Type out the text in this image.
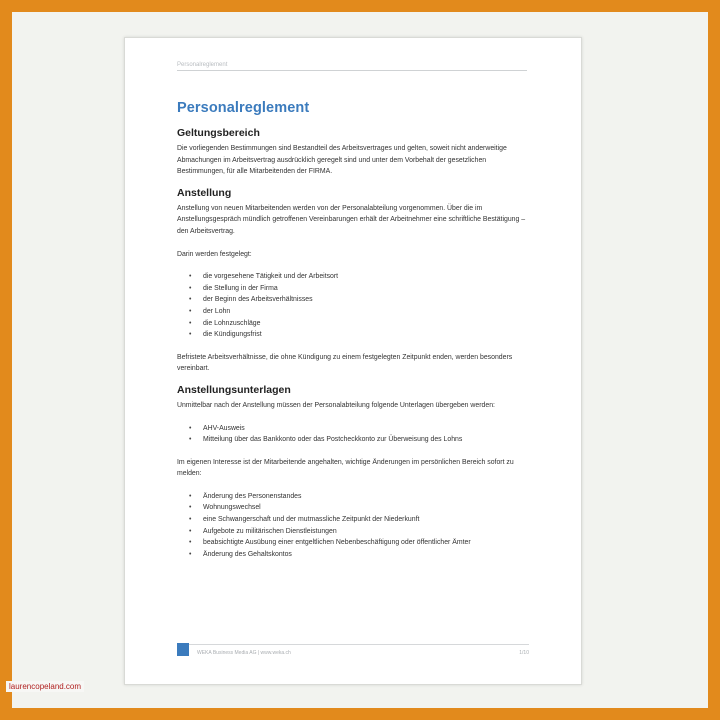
Personalreglement
Personalreglement
Geltungsbereich

Die vorliegenden Bestimmungen sind Bestandteil des Arbeitsvertrages und gelten, soweit nicht anderweitige Abmachungen im Arbeitsvertrag ausdrücklich geregelt sind und unter dem Vorbehalt der gesetzlichen Bestimmungen, für alle Mitarbeitenden der FIRMA.

Anstellung

Anstellung von neuen Mitarbeitenden werden von der Personalabteilung vorgenommen. Über die im Anstellungsgespräch mündlich getroffenen Vereinbarungen erhält der Arbeitnehmer eine schriftliche Bestätigung – den Arbeitsvertrag.

Darin werden festgelegt:

• die vorgesehene Tätigkeit und der Arbeitsort
• die Stellung in der Firma
• der Beginn des Arbeitsverhältnisses
• der Lohn
• die Lohnzuschläge
• die Kündigungsfrist

Befristete Arbeitsverhältnisse, die ohne Kündigung zu einem festgelegten Zeitpunkt enden, werden besonders vereinbart.

Anstellungsunterlagen

Unmittelbar nach der Anstellung müssen der Personalabteilung folgende Unterlagen übergeben werden:

• AHV-Ausweis
• Mitteilung über das Bankkonto oder das Postcheckkonto zur Überweisung des Lohns

Im eigenen Interesse ist der Mitarbeitende angehalten, wichtige Änderungen im persönlichen Bereich sofort zu melden:

• Änderung des Personenstandes
• Wohnungswechsel
• eine Schwangerschaft und der mutmassliche Zeitpunkt der Niederkunft
• Aufgebote zu militärischen Dienstleistungen
• beabsichtigte Ausübung einer entgeltlichen Nebenbeschäftigung oder öffentlicher Ämter
• Änderung des Gehaltskontos
WEKA Business Media AG | www.weka.ch	1/10
laurencopeland.com
